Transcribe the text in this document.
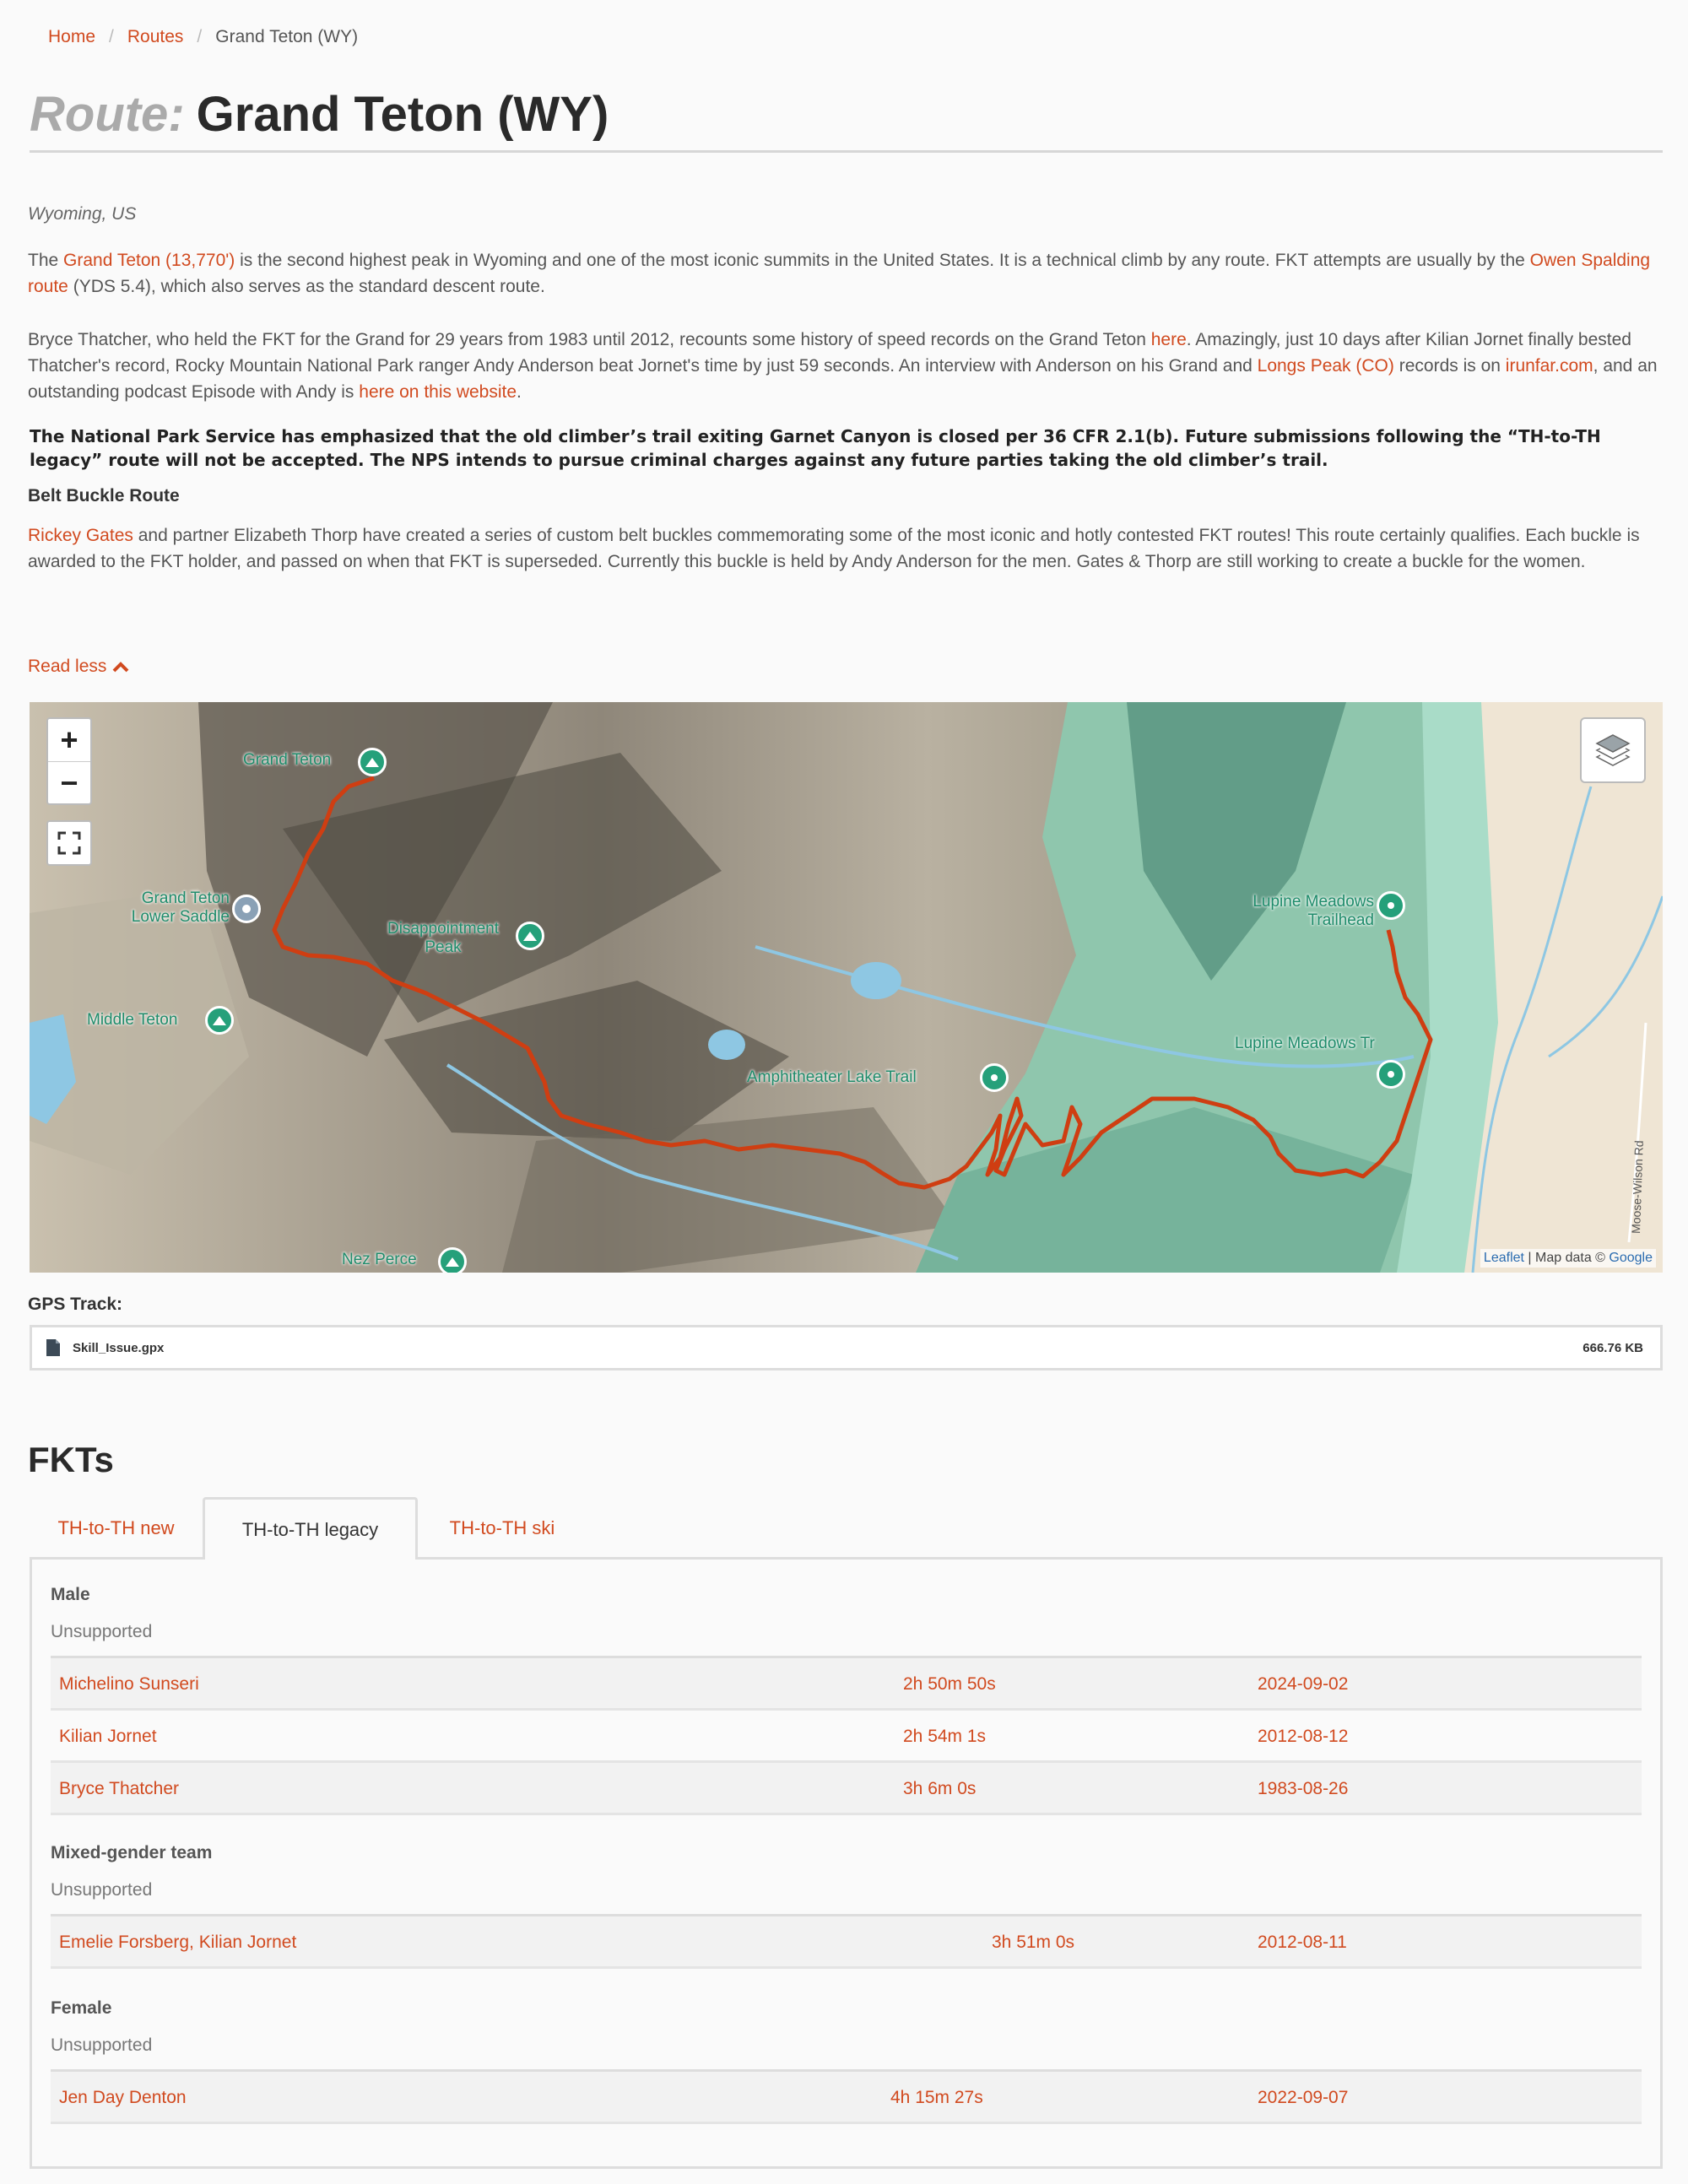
Home / Routes / Grand Teton (WY)
Route: Grand Teton (WY)
Wyoming, US

The Grand Teton (13,770') is the second highest peak in Wyoming and one of the most iconic summits in the United States. It is a technical climb by any route. FKT attempts are usually by the Owen Spalding route (YDS 5.4), which also serves as the standard descent route.

Bryce Thatcher, who held the FKT for the Grand for 29 years from 1983 until 2012, recounts some history of speed records on the Grand Teton here. Amazingly, just 10 days after Kilian Jornet finally bested Thatcher's record, Rocky Mountain National Park ranger Andy Anderson beat Jornet's time by just 59 seconds. An interview with Anderson on his Grand and Longs Peak (CO) records is on irunfar.com, and an outstanding podcast Episode with Andy is here on this website.

The National Park Service has emphasized that the old climber’s trail exiting Garnet Canyon is closed per 36 CFR 2.1(b). Future submissions following the “TH-to-TH legacy” route will not be accepted. The NPS intends to pursue criminal charges against any future parties taking the old climber’s trail.

Belt Buckle Route

Rickey Gates and partner Elizabeth Thorp have created a series of custom belt buckles commemorating some of the most iconic and hotly contested FKT routes! This route certainly qualifies. Each buckle is awarded to the FKT holder, and passed on when that FKT is superseded. Currently this buckle is held by Andy Anderson for the men. Gates & Thorp are still working to create a buckle for the women.

Read less
Moose-Wilson Rd
Grand Teton
Grand Teton
Lower Saddle
Disappointment
Peak
Middle Teton
Amphitheater Lake Trail
Lupine Meadows
Trailhead
Lupine Meadows Tr
Nez Perce
+
−
Leaflet | Map data © Google
GPS Track:
Skill_Issue.gpx	666.76 KB
FKTs
TH-to-TH new	TH-to-TH legacy	TH-to-TH ski
Male
Unsupported
Michelino Sunseri	2h 50m 50s	2024-09-02
Kilian Jornet	2h 54m 1s	2012-08-12
Bryce Thatcher	3h 6m 0s	1983-08-26
Mixed-gender team
Unsupported
Emelie Forsberg, Kilian Jornet	3h 51m 0s	2012-08-11
Female
Unsupported
Jen Day Denton	4h 15m 27s	2022-09-07
